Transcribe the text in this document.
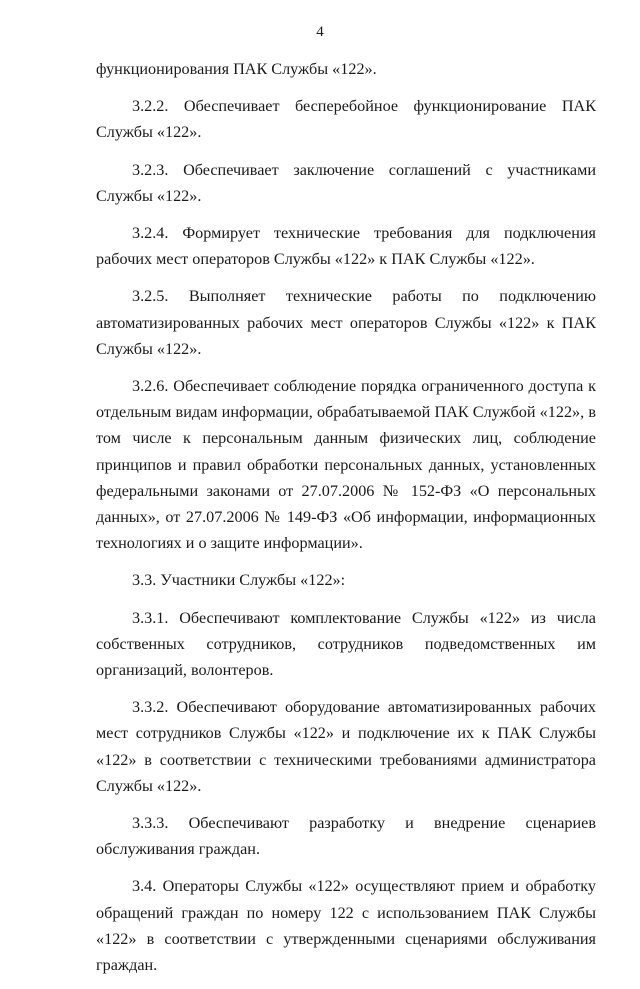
4

функционирования ПАК Службы «122».

3.2.2. Обеспечивает бесперебойное функционирование ПАК Службы «122».

3.2.3. Обеспечивает заключение соглашений с участниками Службы «122».

3.2.4. Формирует технические требования для подключения рабочих мест операторов Службы «122» к ПАК Службы «122».

3.2.5. Выполняет технические работы по подключению автоматизированных рабочих мест операторов Службы «122» к ПАК Службы «122».

3.2.6. Обеспечивает соблюдение порядка ограниченного доступа к отдельным видам информации, обрабатываемой ПАК Службой «122», в том числе к персональным данным физических лиц, соблюдение принципов и правил обработки персональных данных, установленных федеральными законами от 27.07.2006 № 152-ФЗ «О персональных данных», от 27.07.2006 № 149-ФЗ «Об информации, информационных технологиях и о защите информации».

3.3. Участники Службы «122»:

3.3.1. Обеспечивают комплектование Службы «122» из числа собственных сотрудников, сотрудников подведомственных им организаций, волонтеров.

3.3.2. Обеспечивают оборудование автоматизированных рабочих мест сотрудников Службы «122» и подключение их к ПАК Службы «122» в соответствии с техническими требованиями администратора Службы «122».

3.3.3. Обеспечивают разработку и внедрение сценариев обслуживания граждан.

3.4. Операторы Службы «122» осуществляют прием и обработку обращений граждан по номеру 122 с использованием ПАК Службы «122» в соответствии с утвержденными сценариями обслуживания граждан.
